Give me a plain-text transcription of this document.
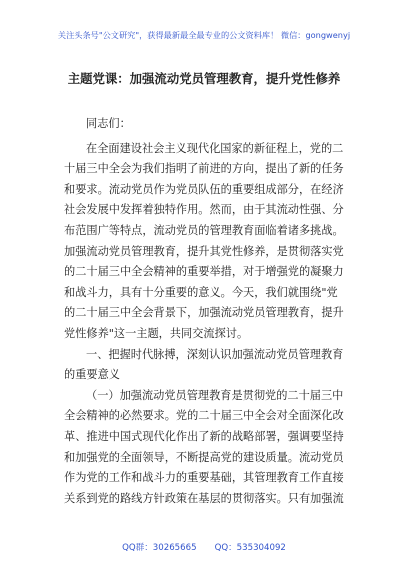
关注头条号"公文研究"，获得最新最全最专业的公文资料库！ 微信：gongwenyj
主题党课：加强流动党员管理教育，提升党性修养

同志们：

在全面建设社会主义现代化国家的新征程上，党的二

十届三中全会为我们指明了前进的方向，提出了新的任务

和要求。流动党员作为党员队伍的重要组成部分，在经济

社会发展中发挥着独特作用。然而，由于其流动性强、分

布范围广等特点，流动党员的管理教育面临着诸多挑战。

加强流动党员管理教育，提升其党性修养，是贯彻落实党

的二十届三中全会精神的重要举措，对于增强党的凝聚力

和战斗力，具有十分重要的意义。今天，我们就围绕"党

的二十届三中全会背景下，加强流动党员管理教育，提升

党性修养"这一主题，共同交流探讨。

一、把握时代脉搏，深刻认识加强流动党员管理教育

的重要意义

（一）加强流动党员管理教育是贯彻党的二十届三中

全会精神的必然要求。党的二十届三中全会对全面深化改

革、推进中国式现代化作出了新的战略部署，强调要坚持

和加强党的全面领导，不断提高党的建设质量。流动党员

作为党的工作和战斗力的重要基础，其管理教育工作直接

关系到党的路线方针政策在基层的贯彻落实。只有加强流

QQ群：30265665 QQ：535304092
